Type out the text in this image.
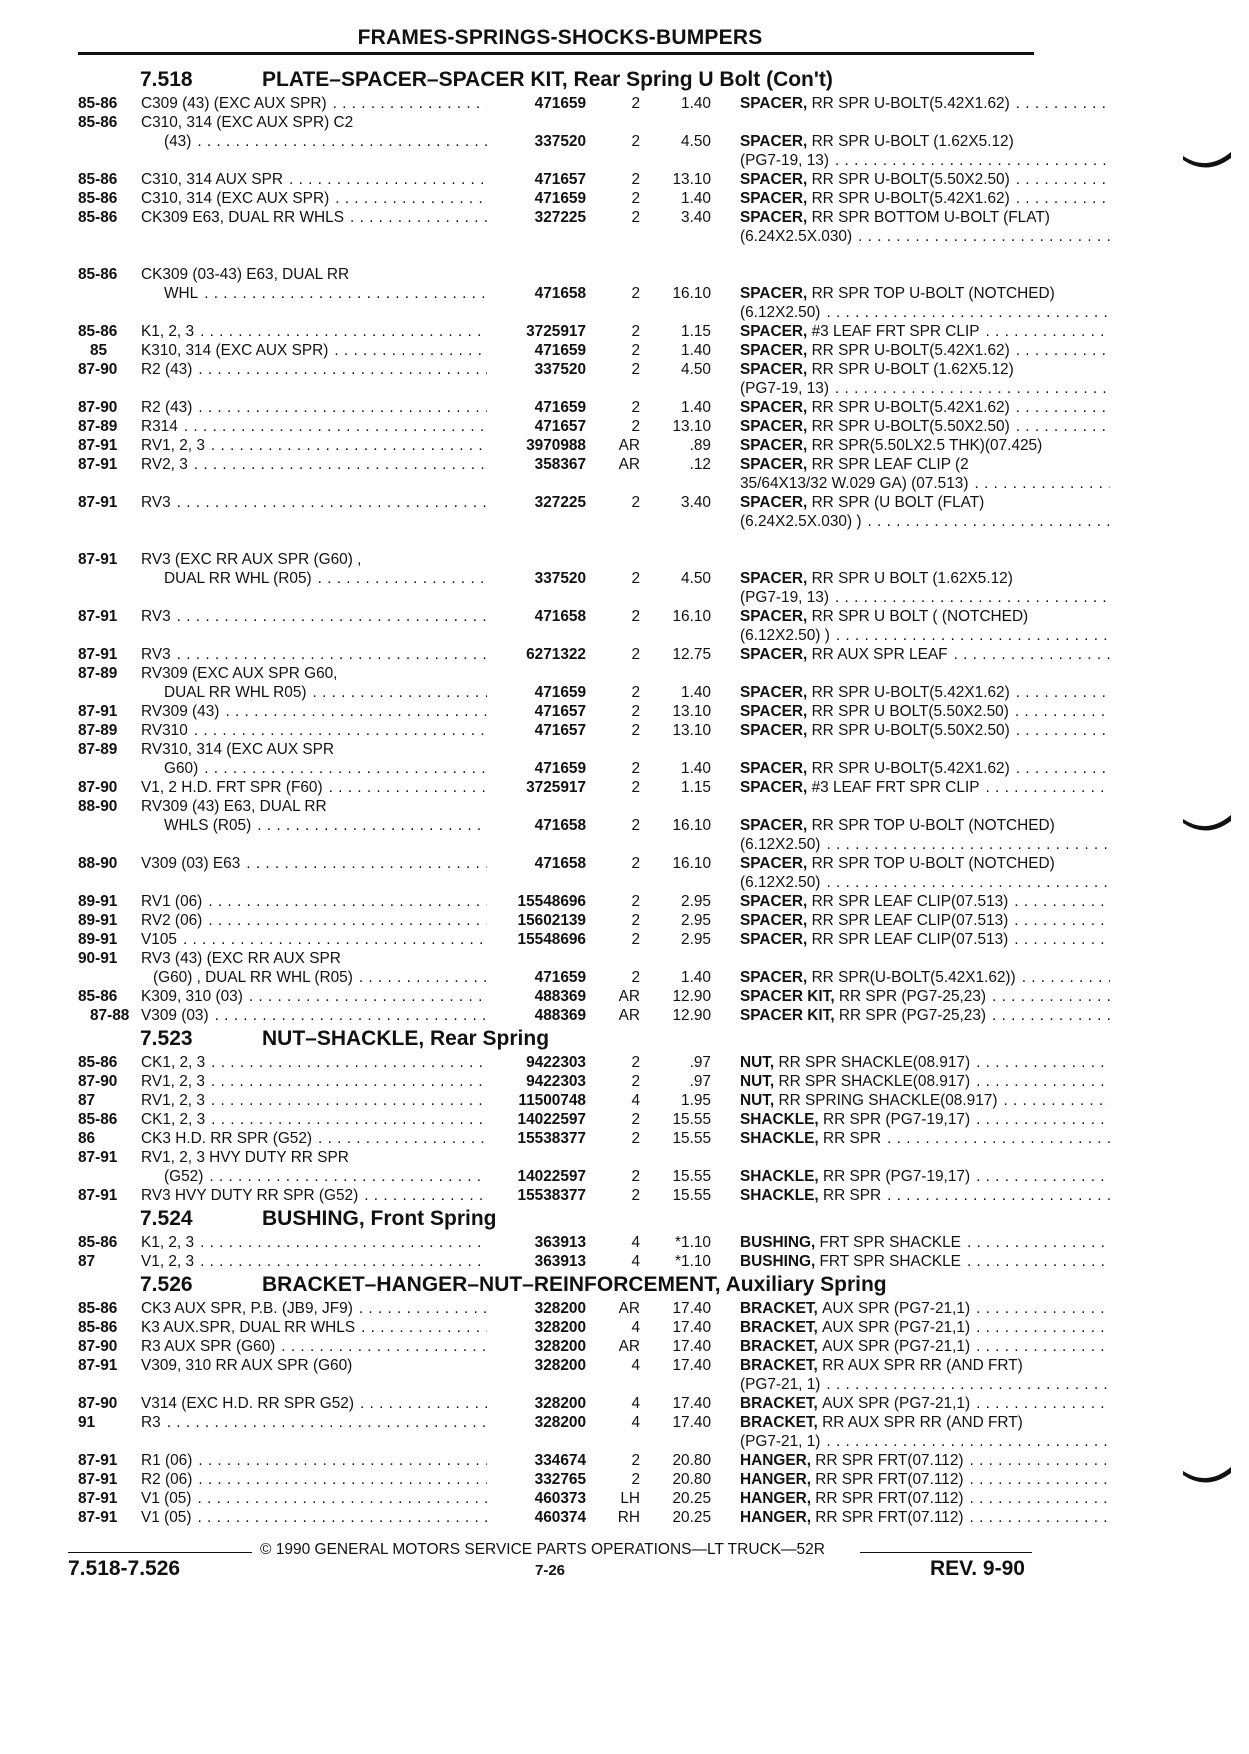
FRAMES-SPRINGS-SHOCKS-BUMPERS
7.518	PLATE–SPACER–SPACER KIT, Rear Spring U Bolt (Con't)
85-86 C309 (43) (EXC AUX SPR) . . .	471659	2	1.40 SPACER,
RR SPR U-BOLT(5.42X1.62)
. . .
85-86 C310, 314 (EXC AUX SPR) C2
(43) . . .	337520	2	4.50 SPACER,
RR SPR U-BOLT (1.62X5.12)
(PG7-19, 13)
. . .
85-86 C310, 314 AUX SPR . . .	471657	2	13.10 SPACER,
RR SPR U-BOLT(5.50X2.50)
. . .
85-86 C310, 314 (EXC AUX SPR) . . .	471659	2	1.40 SPACER,
RR SPR U-BOLT(5.42X1.62)
. . .
85-86 CK309 E63, DUAL RR WHLS . . .	327225	2	3.40 SPACER,
RR SPR BOTTOM U-BOLT (FLAT)
(6.24X2.5X.030)
. . .
85-86 CK309 (03-43) E63, DUAL RR
WHL . . .	471658	2	16.10 SPACER,
RR SPR TOP U-BOLT (NOTCHED)
(6.12X2.50)
. . .
85-86 K1, 2, 3 . . .	3725917	2	1.15 SPACER,
#3 LEAF FRT SPR CLIP
. . .
85 K310, 314 (EXC AUX SPR) . . .	471659	2	1.40 SPACER,
RR SPR U-BOLT(5.42X1.62)
. . .
87-90 R2 (43) . . .	337520	2	4.50 SPACER,
RR SPR U-BOLT (1.62X5.12)
(PG7-19, 13)
. . .
87-90 R2 (43) . . .	471659	2	1.40 SPACER,
RR SPR U-BOLT(5.42X1.62)
. . .
87-89 R314 . . .	471657	2	13.10 SPACER,
RR SPR U-BOLT(5.50X2.50)
. . .
87-91 RV1, 2, 3 . . .	3970988	AR	.89 SPACER,
RR SPR(5.50LX2.5 THK)(07.425)
87-91 RV2, 3 . . .	358367	AR	.12 SPACER,
RR SPR LEAF CLIP (2
35/64X13/32 W.029 GA) (07.513)
. . .
87-91 RV3 . . .	327225	2	3.40 SPACER,
RR SPR (U BOLT (FLAT)
(6.24X2.5X.030) )
. . .
87-91 RV3 (EXC RR AUX SPR (G60) ,
DUAL RR WHL (R05) . . .	337520	2	4.50 SPACER,
RR SPR U BOLT (1.62X5.12)
(PG7-19, 13)
. . .
87-91 RV3 . . .	471658	2	16.10 SPACER,
RR SPR U BOLT ( (NOTCHED)
(6.12X2.50) )
. . .
87-91 RV3 . . .	6271322	2	12.75 SPACER,
RR AUX SPR LEAF
. . .
87-89 RV309 (EXC AUX SPR G60,
DUAL RR WHL R05) . . .	471659	2	1.40 SPACER,
RR SPR U-BOLT(5.42X1.62)
. . .
87-91 RV309 (43) . . .	471657	2	13.10 SPACER,
RR SPR U BOLT(5.50X2.50)
. . .
87-89 RV310 . . .	471657	2	13.10 SPACER,
RR SPR U-BOLT(5.50X2.50)
. . .
87-89 RV310, 314 (EXC AUX SPR
G60) . . .	471659	2	1.40 SPACER,
RR SPR U-BOLT(5.42X1.62)
. . .
87-90 V1, 2 H.D. FRT SPR (F60) . . .	3725917	2	1.15 SPACER,
#3 LEAF FRT SPR CLIP
. . .
88-90 RV309 (43) E63, DUAL RR
WHLS (R05) . . .	471658	2	16.10 SPACER,
RR SPR TOP U-BOLT (NOTCHED)
(6.12X2.50)
. . .
88-90 V309 (03) E63 . . .	471658	2	16.10 SPACER,
RR SPR TOP U-BOLT (NOTCHED)
(6.12X2.50)
. . .
89-91 RV1 (06) . . .	15548696	2	2.95 SPACER,
RR SPR LEAF CLIP(07.513)
. . .
89-91 RV2 (06) . . .	15602139	2	2.95 SPACER,
RR SPR LEAF CLIP(07.513)
. . .
89-91 V105 . . .	15548696	2	2.95 SPACER,
RR SPR LEAF CLIP(07.513)
. . .
90-91 RV3 (43) (EXC RR AUX SPR
(G60) , DUAL RR WHL (R05) . . .	471659	2	1.40 SPACER,
RR SPR(U-BOLT(5.42X1.62))
. . .
85-86 K309, 310 (03) . . .	488369	AR	12.90 SPACER KIT,
RR SPR (PG7-25,23)
. . .
87-88 V309 (03) . . .	488369	AR	12.90 SPACER KIT,
RR SPR (PG7-25,23)
. . .
7.523	NUT–SHACKLE, Rear Spring
85-86 CK1, 2, 3 . . .	9422303	2	.97 NUT,
RR SPR SHACKLE(08.917)
. . .
87-90 RV1, 2, 3 . . .	9422303	2	.97 NUT,
RR SPR SHACKLE(08.917)
. . .
87	RV1, 2, 3 . . .	11500748	4	1.95 NUT,
RR SPRING SHACKLE(08.917)
. . .
85-86 CK1, 2, 3 . . .	14022597	2	15.55 SHACKLE,
RR SPR (PG7-19,17)
. . .
86	CK3 H.D. RR SPR (G52) . . .	15538377	2	15.55 SHACKLE,
RR SPR
. . .
87-91 RV1, 2, 3 HVY DUTY RR SPR
(G52) . . .	14022597	2	15.55 SHACKLE,
RR SPR (PG7-19,17)
. . .
87-91 RV3 HVY DUTY RR SPR (G52) . . .	15538377	2	15.55 SHACKLE,
RR SPR
. . .
7.524	BUSHING, Front Spring
85-86 K1, 2, 3 . . .	363913	4	*1.10 BUSHING,
FRT SPR SHACKLE
. . .
87	V1, 2, 3 . . .	363913	4	*1.10 BUSHING,
FRT SPR SHACKLE
. . .
7.526	BRACKET–HANGER–NUT–REINFORCEMENT, Auxiliary Spring
85-86 CK3 AUX SPR, P.B. (JB9, JF9) . . .	328200	AR	17.40 BRACKET,
AUX SPR (PG7-21,1)
. . .
85-86 K3 AUX.SPR, DUAL RR WHLS . . .	328200	4	17.40 BRACKET,
AUX SPR (PG7-21,1)
. . .
87-90 R3 AUX SPR (G60) . . .	328200	AR	17.40 BRACKET,
AUX SPR (PG7-21,1)
. . .
87-91 V309, 310 RR AUX SPR (G60)	328200	4	17.40 BRACKET,
RR AUX SPR RR (AND FRT)
(PG7-21, 1)
. . .
87-90 V314 (EXC H.D. RR SPR G52) . . .	328200	4	17.40 BRACKET,
AUX SPR (PG7-21,1)
. . .
91	R3 . . .	328200	4	17.40 BRACKET,
RR AUX SPR RR (AND FRT)
(PG7-21, 1)
. . .
87-91 R1 (06) . . .	334674	2	20.80 HANGER,
RR SPR FRT(07.112)
. . .
87-91 R2 (06) . . .	332765	2	20.80 HANGER,
RR SPR FRT(07.112)
. . .
87-91 V1 (05) . . .	460373	LH	20.25 HANGER,
RR SPR FRT(07.112)
. . .
87-91 V1 (05) . . .	460374	RH	20.25 HANGER,
RR SPR FRT(07.112)
. . .
© 1990 GENERAL MOTORS SERVICE PARTS OPERATIONS—LT TRUCK—52R
7.518-7.526	7-26	REV. 9-90
